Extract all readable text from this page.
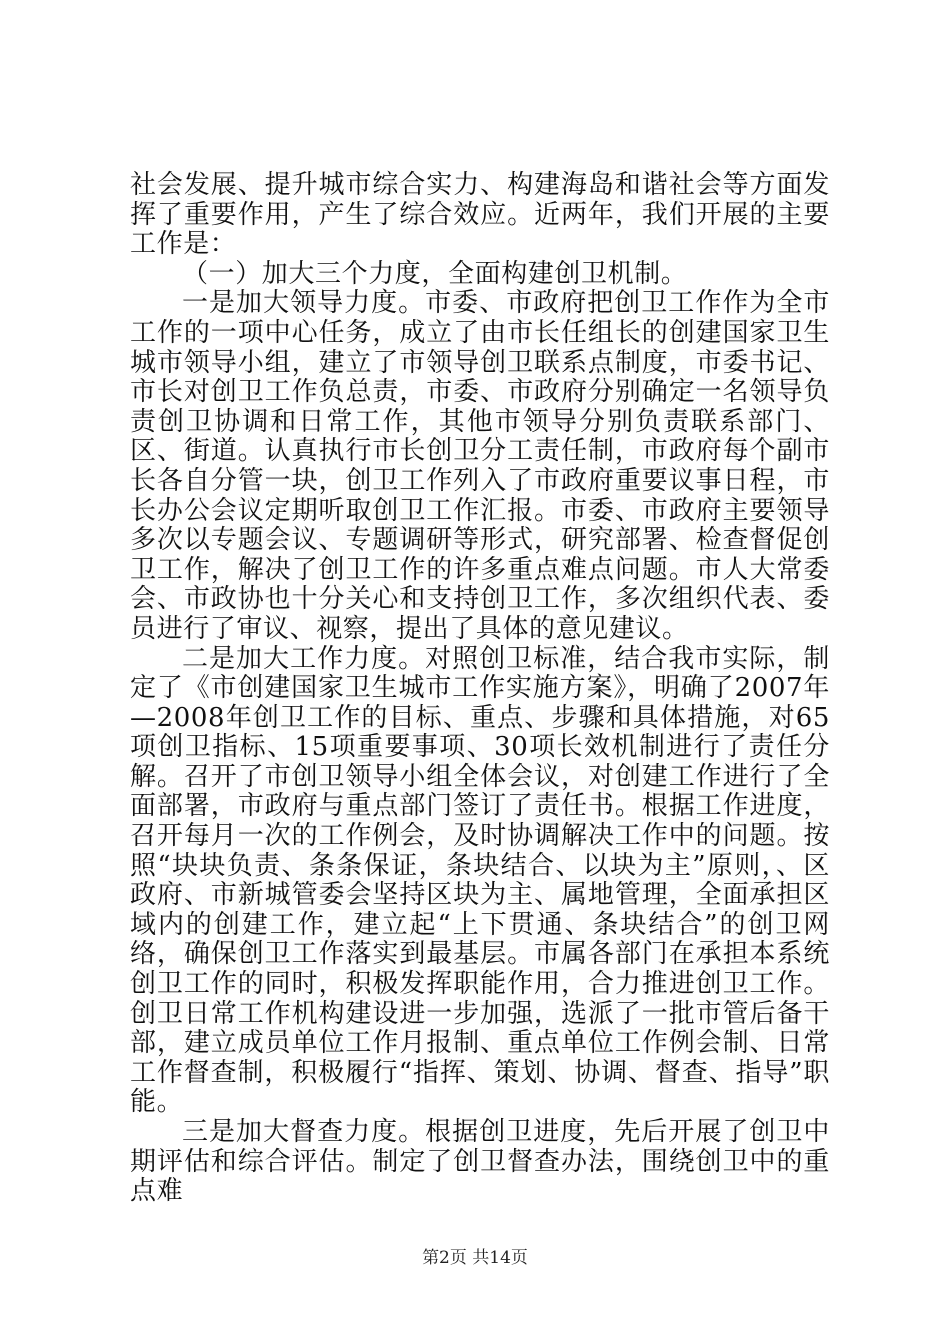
社会发展、提升城市综合实力、构建海岛和谐社会等方面发挥了重要作用，产生了综合效应。近两年，我们开展的主要工作是：

（一）加大三个力度，全面构建创卫机制。

一是加大领导力度。市委、市政府把创卫工作作为全市工作的一项中心任务，成立了由市长任组长的创建国家卫生城市领导小组，建立了市领导创卫联系点制度，市委书记、市长对创卫工作负总责，市委、市政府分别确定一名领导负责创卫协调和日常工作，其他市领导分别负责联系部门、区、街道。认真执行市长创卫分工责任制，市政府每个副市长各自分管一块，创卫工作列入了市政府重要议事日程，市长办公会议定期听取创卫工作汇报。市委、市政府主要领导多次以专题会议、专题调研等形式，研究部署、检查督促创卫工作，解决了创卫工作的许多重点难点问题。市人大常委会、市政协也十分关心和支持创卫工作，多次组织代表、委员进行了审议、视察，提出了具体的意见建议。

二是加大工作力度。对照创卫标准，结合我市实际，制定了《市创建国家卫生城市工作实施方案》，明确了2007年—2008年创卫工作的目标、重点、步骤和具体措施，对65项创卫指标、15项重要事项、30项长效机制进行了责任分解。召开了市创卫领导小组全体会议，对创建工作进行了全面部署，市政府与重点部门签订了责任书。根据工作进度，召开每月一次的工作例会，及时协调解决工作中的问题。按照“块块负责、条条保证，条块结合、以块为主”原则，、区政府、市新城管委会坚持区块为主、属地管理，全面承担区域内的创建工作，建立起“上下贯通、条块结合”的创卫网络，确保创卫工作落实到最基层。市属各部门在承担本系统创卫工作的同时，积极发挥职能作用，合力推进创卫工作。创卫日常工作机构建设进一步加强，选派了一批市管后备干部，建立成员单位工作月报制、重点单位工作例会制、日常工作督查制，积极履行“指挥、策划、协调、督查、指导”职能。

三是加大督查力度。根据创卫进度，先后开展了创卫中期评估和综合评估。制定了创卫督查办法，围绕创卫中的重点难

第2页 共14页
